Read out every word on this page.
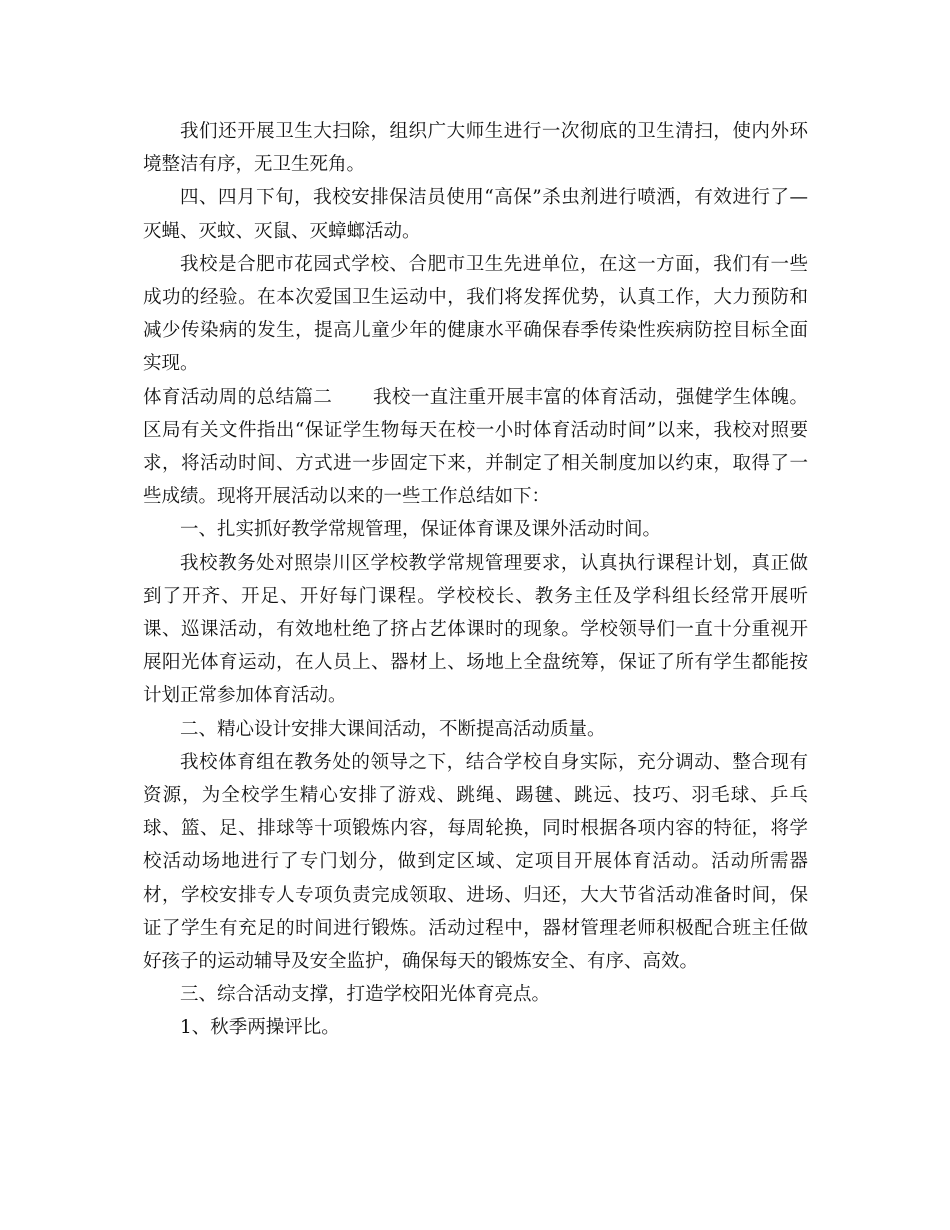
我们还开展卫生大扫除，组织广大师生进行一次彻底的卫生清扫，使内外环境整洁有序，无卫生死角。

四、四月下旬，我校安排保洁员使用“高保”杀虫剂进行喷洒，有效进行了—灭蝇、灭蚊、灭鼠、灭蟑螂活动。

我校是合肥市花园式学校、合肥市卫生先进单位，在这一方面，我们有一些成功的经验。在本次爱国卫生运动中，我们将发挥优势，认真工作，大力预防和减少传染病的发生，提高儿童少年的健康水平确保春季传染性疾病防控目标全面实现。

体育活动周的总结篇二 我校一直注重开展丰富的体育活动，强健学生体魄。区局有关文件指出“保证学生物每天在校一小时体育活动时间”以来，我校对照要求，将活动时间、方式进一步固定下来，并制定了相关制度加以约束，取得了一些成绩。现将开展活动以来的一些工作总结如下：

一、扎实抓好教学常规管理，保证体育课及课外活动时间。

我校教务处对照崇川区学校教学常规管理要求，认真执行课程计划，真正做到了开齐、开足、开好每门课程。学校校长、教务主任及学科组长经常开展听课、巡课活动，有效地杜绝了挤占艺体课时的现象。学校领导们一直十分重视开展阳光体育运动，在人员上、器材上、场地上全盘统筹，保证了所有学生都能按计划正常参加体育活动。

二、精心设计安排大课间活动，不断提高活动质量。

我校体育组在教务处的领导之下，结合学校自身实际，充分调动、整合现有资源，为全校学生精心安排了游戏、跳绳、踢毽、跳远、技巧、羽毛球、乒乓球、篮、足、排球等十项锻炼内容，每周轮换，同时根据各项内容的特征，将学校活动场地进行了专门划分，做到定区域、定项目开展体育活动。活动所需器材，学校安排专人专项负责完成领取、进场、归还，大大节省活动准备时间，保证了学生有充足的时间进行锻炼。活动过程中，器材管理老师积极配合班主任做好孩子的运动辅导及安全监护，确保每天的锻炼安全、有序、高效。

三、综合活动支撑，打造学校阳光体育亮点。

1、秋季两操评比。
